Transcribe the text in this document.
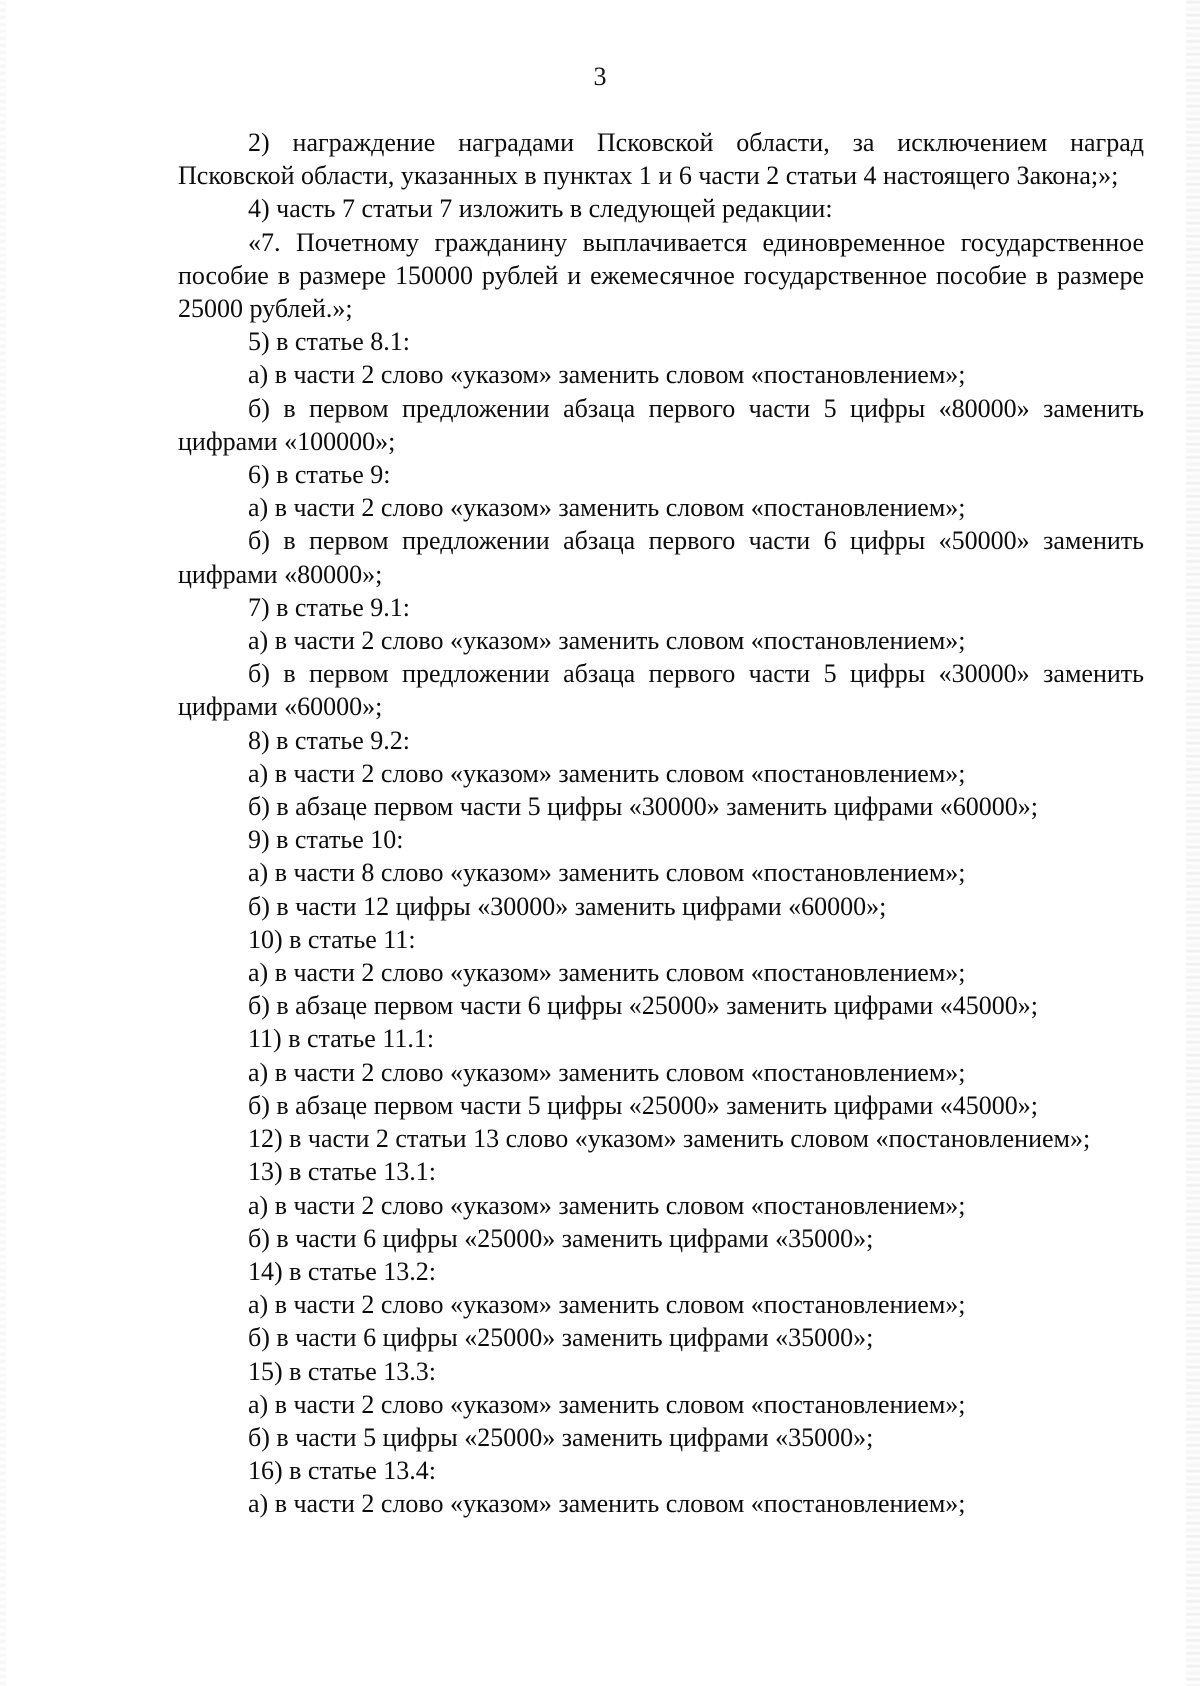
3

2) награждение наградами Псковской области, за исключением наград Псковской области, указанных в пунктах 1 и 6 части 2 статьи 4 настоящего Закона;»;

4) часть 7 статьи 7 изложить в следующей редакции:

«7. Почетному гражданину выплачивается единовременное государственное пособие в размере 150000 рублей и ежемесячное государственное пособие в размере 25000 рублей.»;

5) в статье 8.1:

а) в части 2 слово «указом» заменить словом «постановлением»;

б) в первом предложении абзаца первого части 5 цифры «80000» заменить цифрами «100000»;

6) в статье 9:

а) в части 2 слово «указом» заменить словом «постановлением»;

б) в первом предложении абзаца первого части 6 цифры «50000» заменить цифрами «80000»;

7) в статье 9.1:

а) в части 2 слово «указом» заменить словом «постановлением»;

б) в первом предложении абзаца первого части 5 цифры «30000» заменить цифрами «60000»;

8) в статье 9.2:

а) в части 2 слово «указом» заменить словом «постановлением»;

б) в абзаце первом части 5 цифры «30000» заменить цифрами «60000»;

9) в статье 10:

а) в части 8 слово «указом» заменить словом «постановлением»;

б) в части 12 цифры «30000» заменить цифрами «60000»;

10) в статье 11:

а) в части 2 слово «указом» заменить словом «постановлением»;

б) в абзаце первом части 6 цифры «25000» заменить цифрами «45000»;

11) в статье 11.1:

а) в части 2 слово «указом» заменить словом «постановлением»;

б) в абзаце первом части 5 цифры «25000» заменить цифрами «45000»;

12) в части 2 статьи 13 слово «указом» заменить словом «постановлением»;

13) в статье 13.1:

а) в части 2 слово «указом» заменить словом «постановлением»;

б) в части 6 цифры «25000» заменить цифрами «35000»;

14) в статье 13.2:

а) в части 2 слово «указом» заменить словом «постановлением»;

б) в части 6 цифры «25000» заменить цифрами «35000»;

15) в статье 13.3:

а) в части 2 слово «указом» заменить словом «постановлением»;

б) в части 5 цифры «25000» заменить цифрами «35000»;

16) в статье 13.4:

а) в части 2 слово «указом» заменить словом «постановлением»;
